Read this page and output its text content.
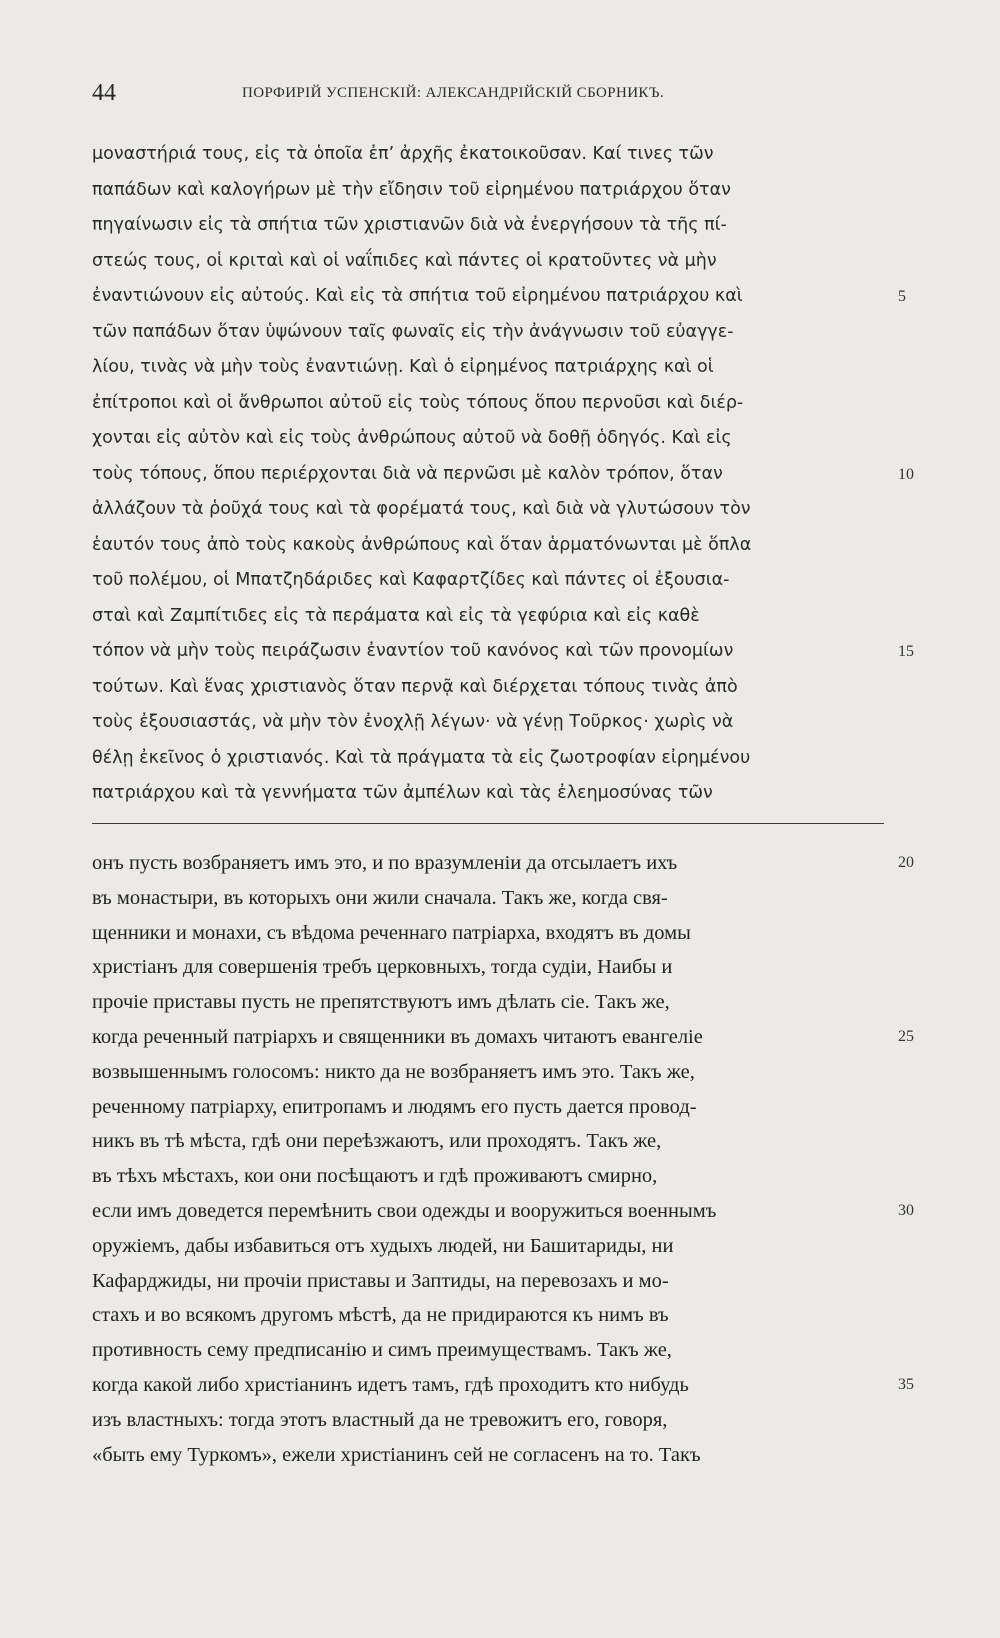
44	ПОРФИРІЙ УСПЕНСКІЙ: АЛЕКСАНДРІЙСКІЙ СБОРНИКЪ.
μοναστήριά τους, εἰς τὰ ὁποῖα ἐπ’ ἀρχῆς ἐκατοικοῦσαν. Καί τινες τῶν
παπάδων καὶ καλογήρων μὲ τὴν εἴδησιν τοῦ εἰρημένου πατριάρχου ὅταν
πηγαίνωσιν εἰς τὰ σπήτια τῶν χριστιανῶν διὰ νὰ ἐνεργήσουν τὰ τῆς πί-
στεώς τους, οἱ κριταὶ καὶ οἱ ναΐπιδες καὶ πάντες οἱ κρατοῦντες νὰ μὴν
ἐναντιώνουν εἰς αὐτούς. Καὶ εἰς τὰ σπήτια τοῦ εἰρημένου πατριάρχου καὶ	5
τῶν παπάδων ὅταν ὑψώνουν ταῖς φωναῖς εἰς τὴν ἀνάγνωσιν τοῦ εὐαγγε-
λίου, τινὰς νὰ μὴν τοὺς ἐναντιώνῃ. Καὶ ὁ εἰρημένος πατριάρχης καὶ οἱ
ἐπίτροποι καὶ οἱ ἄνθρωποι αὐτοῦ εἰς τοὺς τόπους ὅπου περνοῦσι καὶ διέρ-
χονται εἰς αὐτὸν καὶ εἰς τοὺς ἀνθρώπους αὐτοῦ νὰ δοθῇ ὁδηγός. Καὶ εἰς
τοὺς τόπους, ὅπου περιέρχονται διὰ νὰ περνῶσι μὲ καλὸν τρόπον, ὅταν	10
ἀλλάζουν τὰ ῥοῦχά τους καὶ τὰ φορέματά τους, καὶ διὰ νὰ γλυτώσουν τὸν
ἑαυτόν τους ἀπὸ τοὺς κακοὺς ἀνθρώπους καὶ ὅταν ἁρματόνωνται μὲ ὅπλα
τοῦ πολέμου, οἱ Μπατζηδάριδες καὶ Καφαρτζίδες καὶ πάντες οἱ ἐξουσια-
σταὶ καὶ Ζαμπίτιδες εἰς τὰ περάματα καὶ εἰς τὰ γεφύρια καὶ εἰς καθὲ
τόπον νὰ μὴν τοὺς πειράζωσιν ἐναντίον τοῦ κανόνος καὶ τῶν προνομίων	15
τούτων. Καὶ ἕνας χριστιανὸς ὅταν περνᾷ καὶ διέρχεται τόπους τινὰς ἀπὸ
τοὺς ἐξουσιαστάς, νὰ μὴν τὸν ἐνοχλῇ λέγων· νὰ γένῃ Τοῦρκος· χωρὶς νὰ
θέλῃ ἐκεῖνος ὁ χριστιανός. Καὶ τὰ πράγματα τὰ εἰς ζωοτροφίαν εἰρημένου
πατριάρχου καὶ τὰ γεννήματα τῶν ἀμπέλων καὶ τὰς ἐλεημοσύνας τῶν
онъ пусть возбраняетъ имъ это, и по вразумленіи да отсылаетъ ихъ	20
въ монастыри, въ которыхъ они жили сначала. Такъ же, когда свя-
щенники и монахи, съ вѣдома реченнаго патріарха, входятъ въ домы
христіанъ для совершенія требъ церковныхъ, тогда судіи, Наибы и
прочіе приставы пусть не препятствуютъ имъ дѣлать сіе. Такъ же,
когда реченный патріархъ и священники въ домахъ читаютъ евангеліе	25
возвышеннымъ голосомъ: никто да не возбраняетъ имъ это. Такъ же,
реченному патріарху, епитропамъ и людямъ его пусть дается провод-
никъ въ тѣ мѣста, гдѣ они переѣзжаютъ, или проходятъ. Такъ же,
въ тѣхъ мѣстахъ, кои они посѣщаютъ и гдѣ проживаютъ смирно,
если имъ доведется перемѣнить свои одежды и вооружиться военнымъ	30
оружіемъ, дабы избавиться отъ худыхъ людей, ни Башитариды, ни
Кафарджиды, ни прочіи приставы и Заптиды, на перевозахъ и мо-
стахъ и во всякомъ другомъ мѣстѣ, да не придираются къ нимъ въ
противность сему предписанію и симъ преимуществамъ. Такъ же,
когда какой либо христіанинъ идетъ тамъ, гдѣ проходитъ кто нибудь	35
изъ властныхъ: тогда этотъ властный да не тревожитъ его, говоря,
«быть ему Туркомъ», ежели христіанинъ сей не согласенъ на то. Такъ
